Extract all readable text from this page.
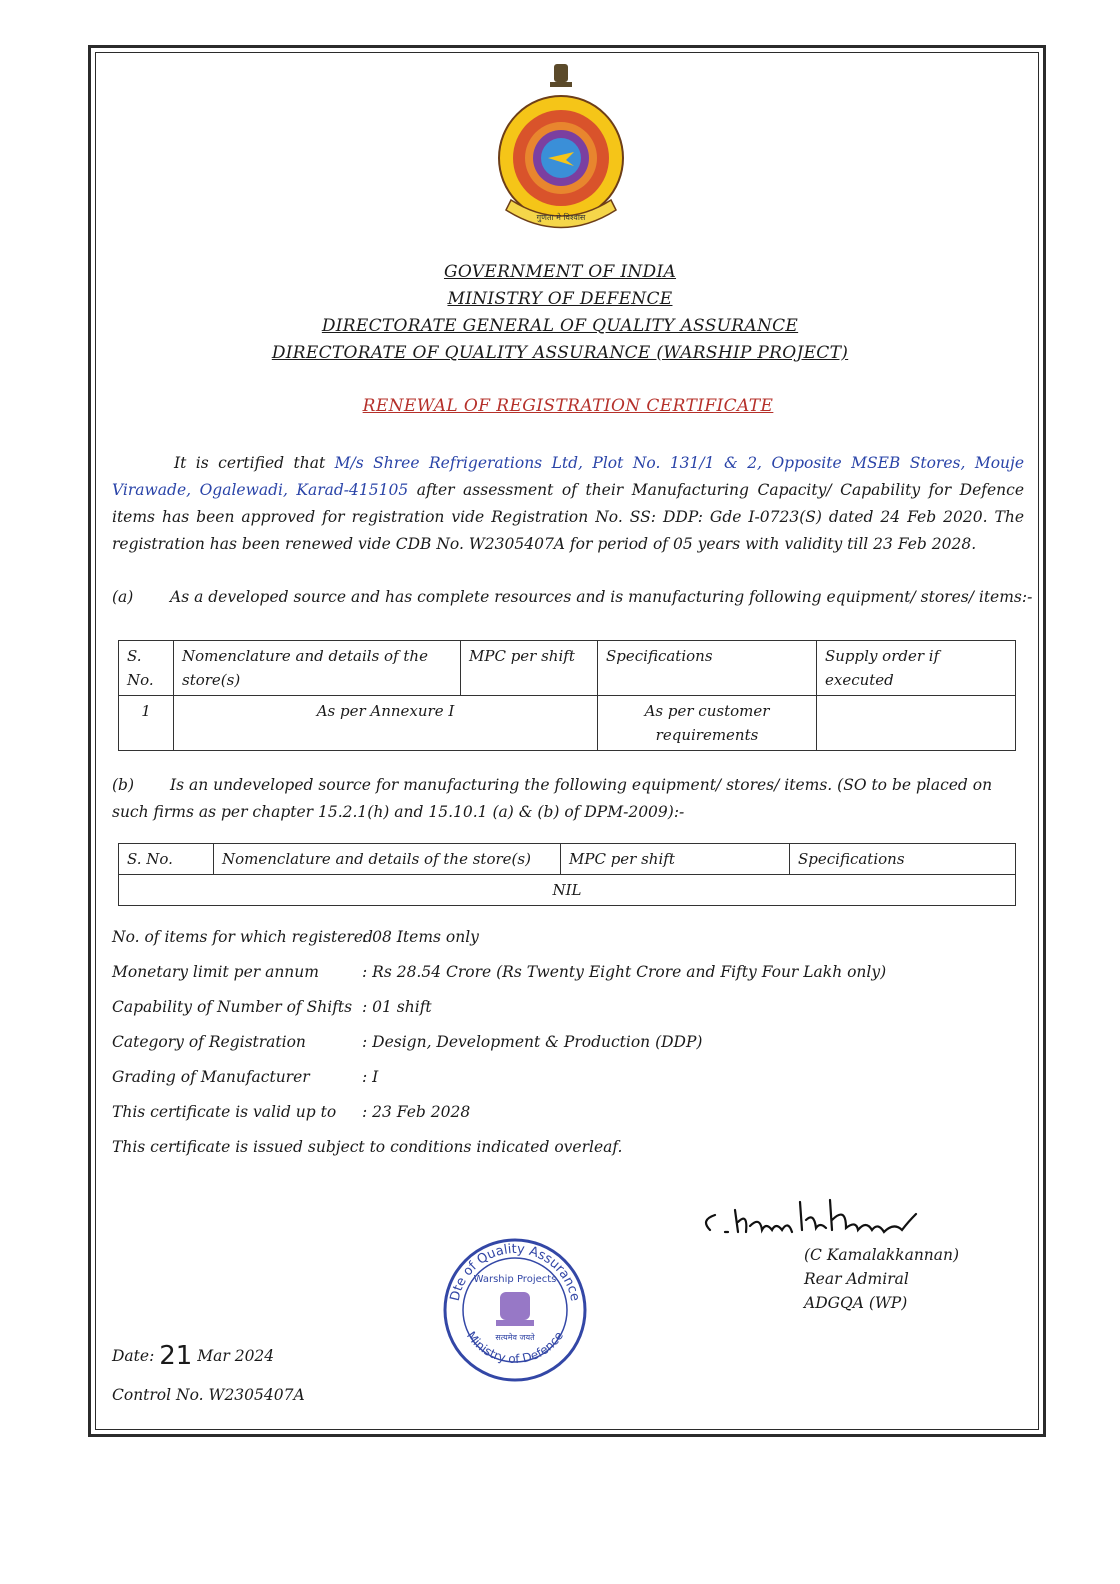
गुणता मे विश्वास
GOVERNMENT OF INDIA
MINISTRY OF DEFENCE
DIRECTORATE GENERAL OF QUALITY ASSURANCE
DIRECTORATE OF QUALITY ASSURANCE (WARSHIP PROJECT)
RENEWAL OF REGISTRATION CERTIFICATE
It is certified that M/s Shree Refrigerations Ltd, Plot No. 131/1 & 2, Opposite MSEB Stores, Mouje Virawade, Ogalewadi, Karad-415105 after assessment of their Manufacturing Capacity/ Capability for Defence items has been approved for registration vide Registration No. SS: DDP: Gde I-0723(S) dated 24 Feb 2020. The registration has been renewed vide CDB No. W2305407A for period of 05 years with validity till 23 Feb 2028.
(a) As a developed source and has complete resources and is manufacturing following equipment/ stores/ items:-
S. No.	Nomenclature and details of the store(s)	MPC per shift	Specifications	Supply order if executed
1	As per Annexure I		As per customer requirements	
(b) Is an undeveloped source for manufacturing the following equipment/ stores/ items. (SO to be placed on such firms as per chapter 15.2.1(h) and 15.10.1 (a) & (b) of DPM-2009):-
S. No.	Nomenclature and details of the store(s)	MPC per shift	Specifications
NIL
No. of items for which registered
: 08 Items only
Monetary limit per annum	: Rs 28.54 Crore (Rs Twenty Eight Crore and Fifty Four Lakh only)
Capability of Number of Shifts : 01 shift
Category of Registration	: Design, Development & Production (DDP)
Grading of Manufacturer	: I
This certificate is valid up to : 23 Feb 2028
This certificate is issued subject to conditions indicated overleaf.
(C Kamalakkannan)
Rear Admiral
ADGQA (WP)
Dte of Quality Assurance
Ministry of Defence
Warship Projects
सत्यमेव जयते
Date: 21 Mar 2024
Control No. W2305407A
